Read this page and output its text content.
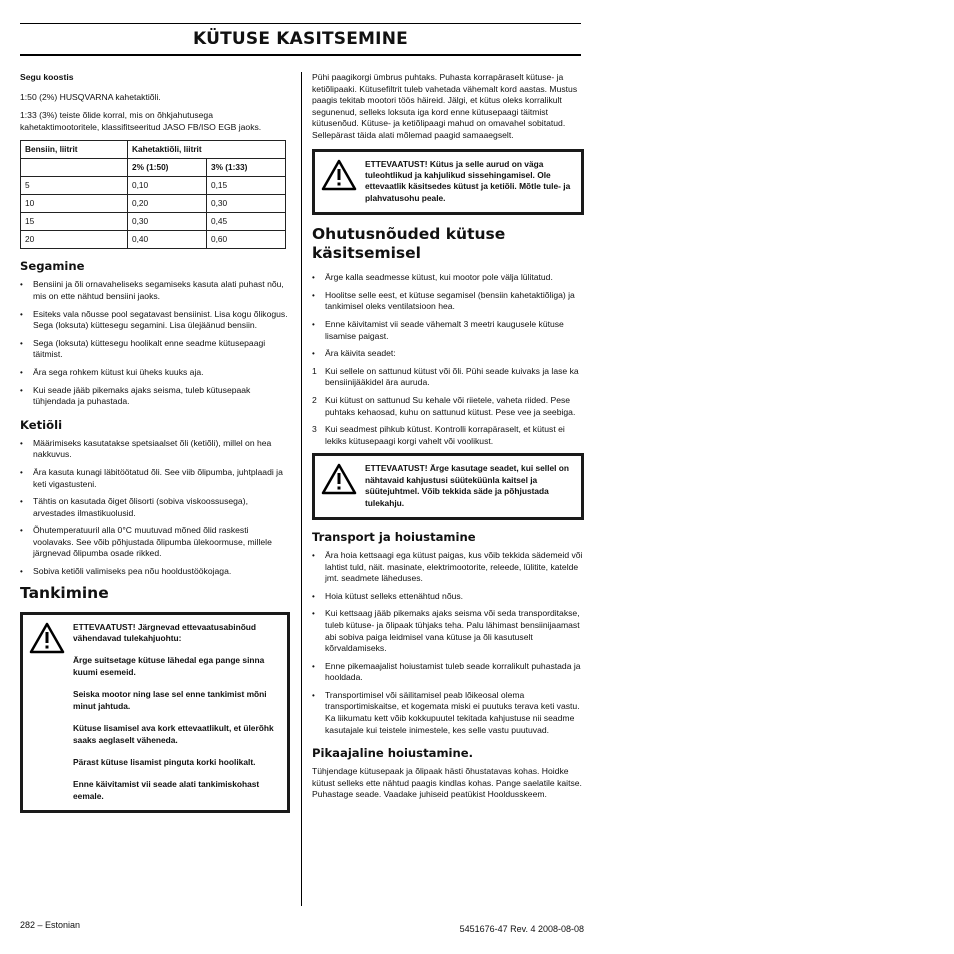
KÜTUSE KASITSEMINE

Segu koostis

1:50 (2%) HUSQVARNA kahetaktiõli.

1:33 (3%) teiste õlide korral, mis on õhkjahutusega kahetaktimootoritele, klassifitseeritud JASO FB/ISO EGB jaoks.

Bensiin, liitrit	Kahetaktiõli, liitrit	
	2% (1:50)	3% (1:33)
5	0,10	0,15
10	0,20	0,30
15	0,30	0,45
20	0,40	0,60
Segamine
• Bensiini ja õli ornavaheliseks segamiseks kasuta alati puhast nõu, mis on ette nähtud bensiini jaoks.
• Esiteks vala nõusse pool segatavast bensiinist. Lisa kogu õlikogus. Sega (loksuta) küttesegu segamini. Lisa ülejäänud bensiin.
• Sega (loksuta) küttesegu hoolikalt enne seadme kütusepaagi täitmist.
• Ära sega rohkem kütust kui üheks kuuks aja.
• Kui seade jääb pikemaks ajaks seisma, tuleb kütusepaak tühjendada ja puhastada.
Ketiõli
• Määrimiseks kasutatakse spetsiaalset õli (ketiõli), millel on hea nakkuvus.
• Ära kasuta kunagi läbitöötatud õli. See viib õlipumba, juhtplaadi ja keti vigastusteni.
• Tähtis on kasutada õiget õlisorti (sobiva viskoossusega), arvestades ilmastikuolusid.
• Õhutemperatuuril alla 0°C muutuvad mõned õlid raskesti voolavaks. See võib põhjustada õlipumba ülekoormuse, millele järgnevad õlipumba osade rikked.
• Sobiva ketiõli valimiseks pea nõu hooldustöökojaga.
Tankimine

ETTEVAATUST! Järgnevad ettevaatusabinõud vähendavad tulekahjuohtu:

Ärge suitsetage kütuse lähedal ega pange sinna kuumi esemeid.

Seiska mootor ning lase sel enne tankimist mõni minut jahtuda.

Kütuse lisamisel ava kork ettevaatlikult, et ülerõhk saaks aeglaselt väheneda.

Pärast kütuse lisamist pinguta korki hoolikalt.

Enne käivitamist vii seade alati tankimiskohast eemale.

Pühi paagikorgi ümbrus puhtaks. Puhasta korrapäraselt kütuse- ja ketiõlipaaki. Kütusefiltrit tuleb vahetada vähemalt kord aastas. Mustus paagis tekitab mootori töös häireid. Jälgi, et kütus oleks korralikult segunenud, selleks loksuta iga kord enne kütusepaagi täitmist kütusenõud. Kütuse- ja ketiõlipaagi mahud on omavahel sobitatud. Sellepärast täida alati mõlemad paagid samaaegselt.

ETTEVAATUST! Kütus ja selle aurud on väga tuleohtlikud ja kahjulikud sissehingamisel. Ole ettevaatlik käsitsedes kütust ja ketiõli. Mõtle tule- ja plahvatusohu peale.

Ohutusnõuded kütuse käsitsemisel
• Ärge kalla seadmesse kütust, kui mootor pole välja lülitatud.
• Hoolitse selle eest, et kütuse segamisel (bensiin kahetaktiõliga) ja tankimisel oleks ventilatsioon hea.
• Enne käivitamist vii seade vähemalt 3 meetri kaugusele kütuse lisamise paigast.
• Ära käivita seadet:
1 Kui sellele on sattunud kütust või õli. Pühi seade kuivaks ja lase ka bensiinijääkidel ära auruda.
2 Kui kütust on sattunud Su kehale või riietele, vaheta riided. Pese puhtaks kehaosad, kuhu on sattunud kütust. Pese vee ja seebiga.
3 Kui seadmest pihkub kütust. Kontrolli korrapäraselt, et kütust ei lekiks kütusepaagi korgi vahelt või voolikust.

ETTEVAATUST! Ärge kasutage seadet, kui sellel on nähtavaid kahjustusi süüteküünla kaitsel ja süütejuhtmel. Võib tekkida säde ja põhjustada tulekahju.

Transport ja hoiustamine
• Ära hoia kettsaagi ega kütust paigas, kus võib tekkida sädemeid või lahtist tuld, näit. masinate, elektrimootorite, releede, lülitite, katelde jmt. seadmete läheduses.
• Hoia kütust selleks ettenähtud nõus.
• Kui kettsaag jääb pikemaks ajaks seisma või seda transporditakse, tuleb kütuse- ja õlipaak tühjaks teha. Palu lähimast bensiinijaamast abi sobiva paiga leidmisel vana kütuse ja õli kasutuselt kõrvaldamiseks.
• Enne pikemaajalist hoiustamist tuleb seade korralikult puhastada ja hooldada.
• Transportimisel või säilitamisel peab lõikeosal olema transportimiskaitse, et kogemata miski ei puutuks terava keti vastu. Ka liikumatu kett võib kokkupuutel tekitada kahjustuse nii seadme kasutajale kui teistele inimestele, kes selle vastu puutuvad.
Pikaajaline hoiustamine.

Tühjendage kütusepaak ja õlipaak hästi õhustatavas kohas. Hoidke kütust selleks ette nähtud paagis kindlas kohas. Pange saelatile kaitse. Puhastage seade. Vaadake juhiseid peatükist Hooldusskeem.

282 – Estonian	5451676-47 Rev. 4 2008-08-08
